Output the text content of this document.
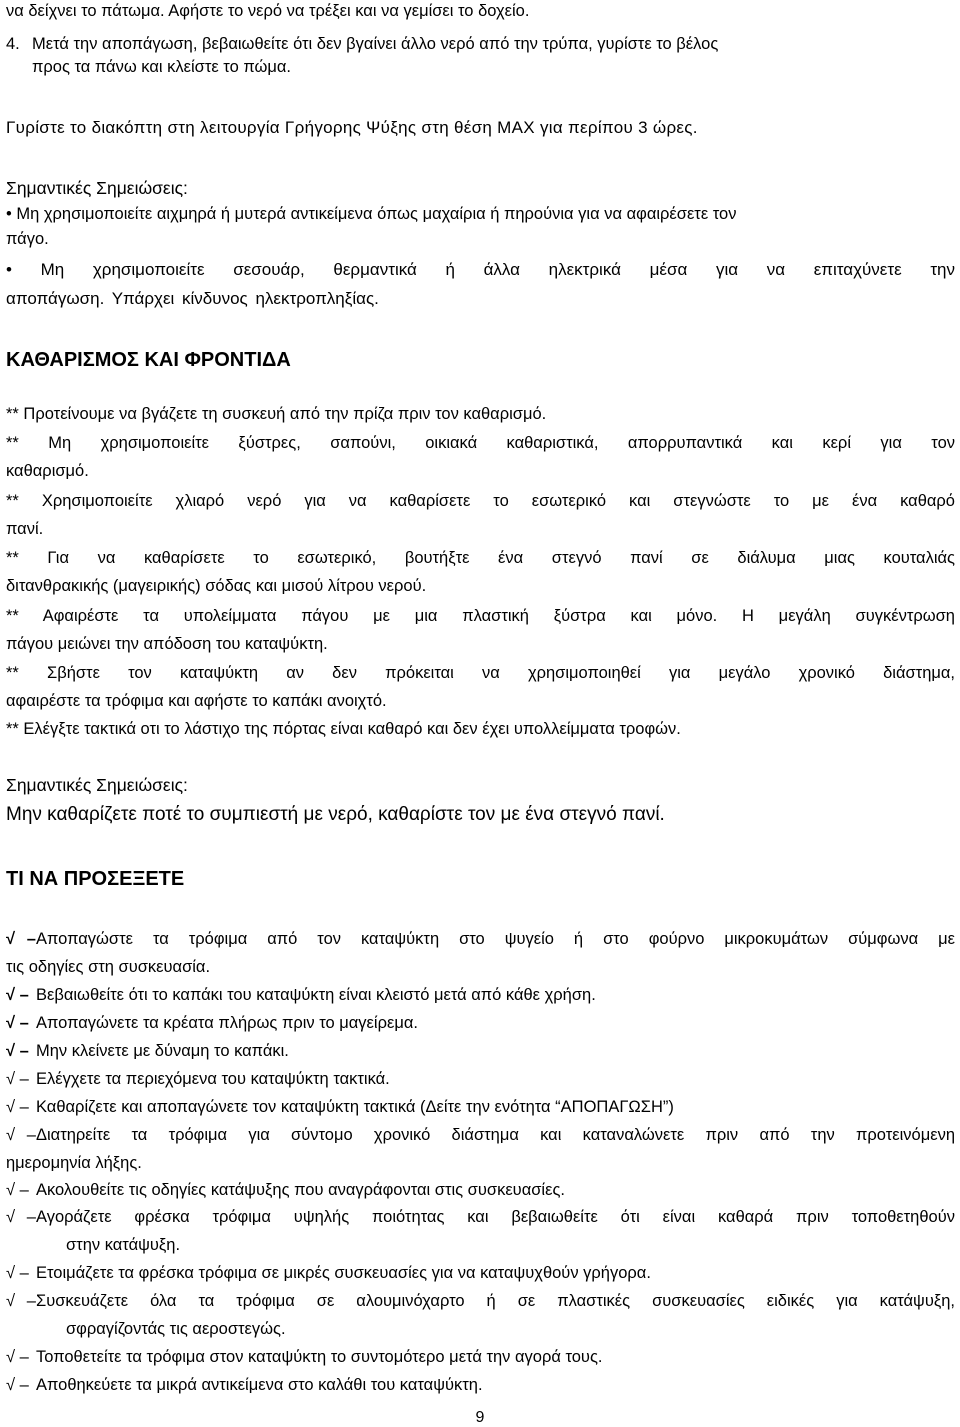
να δείχνει το πάτωμα. Αφήστε το νερό να τρέξει και να γεμίσει το δοχείο.
4. Μετά την αποπάγωση, βεβαιωθείτε ότι δεν βγαίνει άλλο νερό από την τρύπα, γυρίστε το βέλος
προς τα πάνω και κλείστε το πώμα.
Γυρίστε το διακόπτη στη λειτουργία Γρήγορης Ψύξης στη θέση MAX για περίπου 3 ώρες.
Σημαντικές Σημειώσεις:
• Μη χρησιμοποιείτε αιχμηρά ή μυτερά αντικείμενα όπως μαχαίρια ή πηρούνια για να αφαιρέσετε τον
πάγο.
• Μη χρησιμοποιείτε σεσουάρ, θερμαντικά ή άλλα ηλεκτρικά μέσα για να επιταχύνετε την
αποπάγωση. Υπάρχει κίνδυνος ηλεκτροπληξίας.
ΚΑΘΑΡΙΣΜΟΣ ΚΑΙ ΦΡΟΝΤΙΔΑ
** Προτείνουμε να βγάζετε τη συσκευή από την πρίζα πριν τον καθαρισμό.
** Μη χρησιμοποιείτε ξύστρες, σαπούνι, οικιακά καθαριστικά, απορρυπαντικά και κερί για τον
καθαρισμό.
** Χρησιμοποιείτε χλιαρό νερό για να καθαρίσετε το εσωτερικό και στεγνώστε το με ένα καθαρό
πανί.
** Για να καθαρίσετε το εσωτερικό, βουτήξτε ένα στεγνό πανί σε διάλυμα μιας κουταλιάς
διτανθρακικής (μαγειρικής) σόδας και μισού λίτρου νερού.
** Αφαιρέστε τα υπολείμματα πάγου με μια πλαστική ξύστρα και μόνο. Η μεγάλη συγκέντρωση
πάγου μειώνει την απόδοση του καταψύκτη.
** Σβήστε τον καταψύκτη αν δεν πρόκειται να χρησιμοποιηθεί για μεγάλο χρονικό διάστημα,
αφαιρέστε τα τρόφιμα και αφήστε το καπάκι ανοιχτό.
** Ελέγξτε τακτικά οτι το λάστιχο της πόρτας είναι καθαρό και δεν έχει υπολλείμματα τροφών.
Σημαντικές Σημειώσεις:
Μην καθαρίζετε ποτέ το συμπιεστή με νερό, καθαρίστε τον με ένα στεγνό πανί.
ΤΙ ΝΑ ΠΡΟΣΕΞΕΤΕ
√ –Αποπαγώστε τα τρόφιμα από τον καταψύκτη στο ψυγείο ή στο φούρνο μικροκυμάτων σύμφωνα με
τις οδηγίες στη συσκευασία.
√ – Βεβαιωθείτε ότι το καπάκι του καταψύκτη είναι κλειστό μετά από κάθε χρήση.
√ – Αποπαγώνετε τα κρέατα πλήρως πριν το μαγείρεμα.
√ – Μην κλείνετε με δύναμη το καπάκι.
√ – Ελέγχετε τα περιεχόμενα του καταψύκτη τακτικά.
√ – Καθαρίζετε και αποπαγώνετε τον καταψύκτη τακτικά (Δείτε την ενότητα “ΑΠΟΠΑΓΩΣΗ”)
√ –Διατηρείτε τα τρόφιμα για σύντομο χρονικό διάστημα και καταναλώνετε πριν από την προτεινόμενη
ημερομηνία λήξης.
√ – Ακολουθείτε τις οδηγίες κατάψυξης που αναγράφονται στις συσκευασίες.
√ –Αγοράζετε φρέσκα τρόφιμα υψηλής ποιότητας και βεβαιωθείτε ότι είναι καθαρά πριν τοποθετηθούν
στην κατάψυξη.
√ – Ετοιμάζετε τα φρέσκα τρόφιμα σε μικρές συσκευασίες για να καταψυχθούν γρήγορα.
√ –Συσκευάζετε όλα τα τρόφιμα σε αλουμινόχαρτο ή σε πλαστικές συσκευασίες ειδικές για κατάψυξη,
σφραγίζοντάς τις αεροστεγώς.
√ – Τοποθετείτε τα τρόφιμα στον καταψύκτη το συντομότερο μετά την αγορά τους.
√ – Αποθηκεύετε τα μικρά αντικείμενα στο καλάθι του καταψύκτη.
9
